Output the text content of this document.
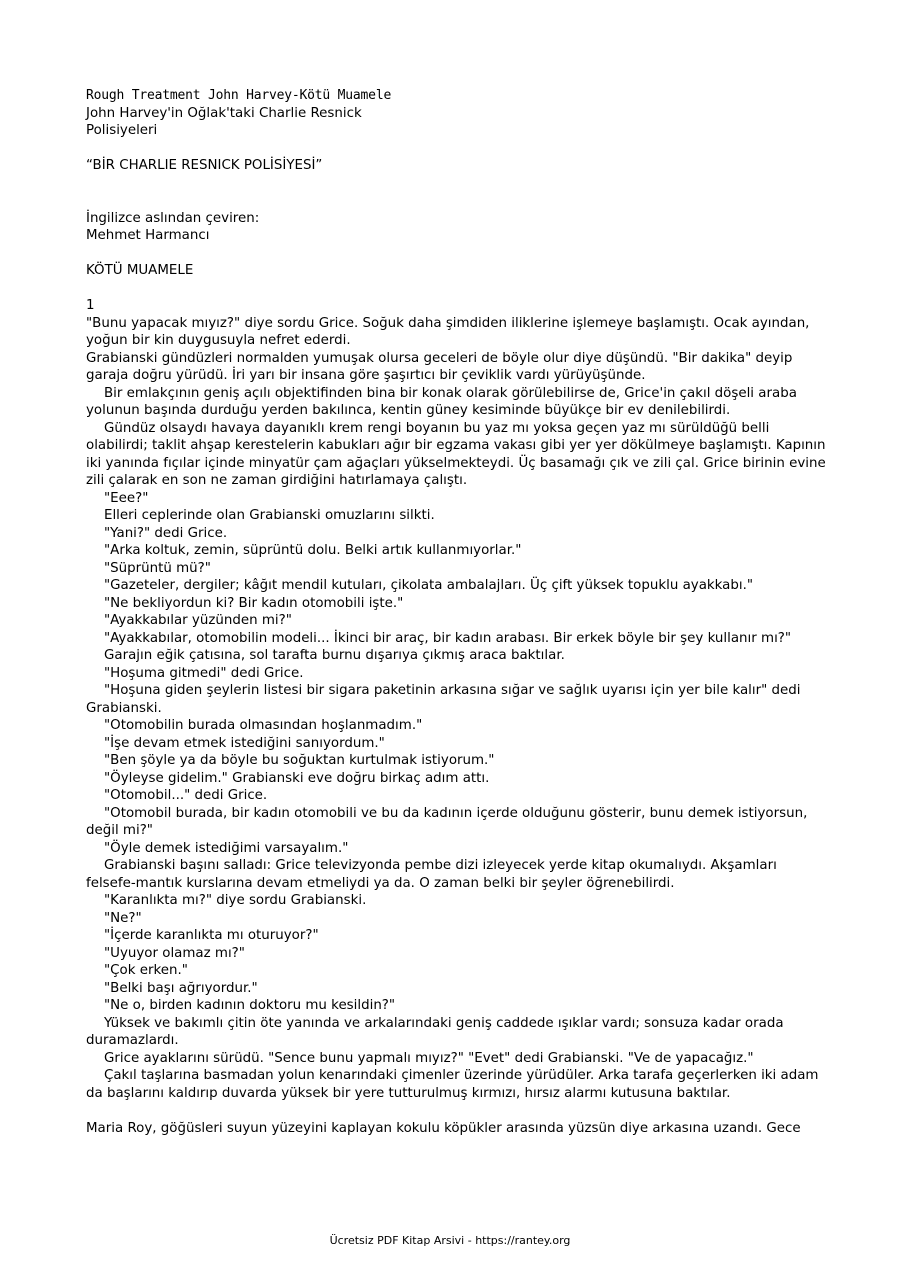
Rough Treatment John Harvey-Kötü Muamele
John Harvey'in Oğlak'taki Charlie Resnick
Polisiyeleri
“BİR CHARLIE RESNICK POLİSİYESİ”
İngilizce aslından çeviren:
Mehmet Harmancı
KÖTÜ MUAMELE
1
"Bunu yapacak mıyız?" diye sordu Grice. Soğuk daha şimdiden iliklerine işlemeye başlamıştı. Ocak ayından,
yoğun bir kin duygusuyla nefret ederdi.
Grabianski gündüzleri normalden yumuşak olursa geceleri de böyle olur diye düşündü. "Bir dakika" deyip
garaja doğru yürüdü. İri yarı bir insana göre şaşırtıcı bir çeviklik vardı yürüyüşünde.
Bir emlakçının geniş açılı objektifinden bina bir konak olarak görülebilirse de, Grice'in çakıl döşeli araba
yolunun başında durduğu yerden bakılınca, kentin güney kesiminde büyükçe bir ev denilebilirdi.
Gündüz olsaydı havaya dayanıklı krem rengi boyanın bu yaz mı yoksa geçen yaz mı sürüldüğü belli
olabilirdi; taklit ahşap kerestelerin kabukları ağır bir egzama vakası gibi yer yer dökülmeye başlamıştı. Kapının
iki yanında fıçılar içinde minyatür çam ağaçları yükselmekteydi. Üç basamağı çık ve zili çal. Grice birinin evine
zili çalarak en son ne zaman girdiğini hatırlamaya çalıştı.
"Eee?"
Elleri ceplerinde olan Grabianski omuzlarını silkti.
"Yani?" dedi Grice.
"Arka koltuk, zemin, süprüntü dolu. Belki artık kullanmıyorlar."
"Süprüntü mü?"
"Gazeteler, dergiler; kâğıt mendil kutuları, çikolata ambalajları. Üç çift yüksek topuklu ayakkabı."
"Ne bekliyordun ki? Bir kadın otomobili işte."
"Ayakkabılar yüzünden mi?"
"Ayakkabılar, otomobilin modeli... İkinci bir araç, bir kadın arabası. Bir erkek böyle bir şey kullanır mı?"
Garajın eğik çatısına, sol tarafta burnu dışarıya çıkmış araca baktılar.
"Hoşuma gitmedi" dedi Grice.
"Hoşuna giden şeylerin listesi bir sigara paketinin arkasına sığar ve sağlık uyarısı için yer bile kalır" dedi
Grabianski.
"Otomobilin burada olmasından hoşlanmadım."
"İşe devam etmek istediğini sanıyordum."
"Ben şöyle ya da böyle bu soğuktan kurtulmak istiyorum."
"Öyleyse gidelim." Grabianski eve doğru birkaç adım attı.
"Otomobil..." dedi Grice.
"Otomobil burada, bir kadın otomobili ve bu da kadının içerde olduğunu gösterir, bunu demek istiyorsun,
değil mi?"
"Öyle demek istediğimi varsayalım."
Grabianski başını salladı: Grice televizyonda pembe dizi izleyecek yerde kitap okumalıydı. Akşamları
felsefe-mantık kurslarına devam etmeliydi ya da. O zaman belki bir şeyler öğrenebilirdi.
"Karanlıkta mı?" diye sordu Grabianski.
"Ne?"
"İçerde karanlıkta mı oturuyor?"
"Uyuyor olamaz mı?"
"Çok erken."
"Belki başı ağrıyordur."
"Ne o, birden kadının doktoru mu kesildin?"
Yüksek ve bakımlı çitin öte yanında ve arkalarındaki geniş caddede ışıklar vardı; sonsuza kadar orada
duramazlardı.
Grice ayaklarını sürüdü. "Sence bunu yapmalı mıyız?" "Evet" dedi Grabianski. "Ve de yapacağız."
Çakıl taşlarına basmadan yolun kenarındaki çimenler üzerinde yürüdüler. Arka tarafa geçerlerken iki adam
da başlarını kaldırıp duvarda yüksek bir yere tutturulmuş kırmızı, hırsız alarmı kutusuna baktılar.
Maria Roy, göğüsleri suyun yüzeyini kaplayan kokulu köpükler arasında yüzsün diye arkasına uzandı. Gece
Ücretsiz PDF Kitap Arsivi - https://rantey.org
